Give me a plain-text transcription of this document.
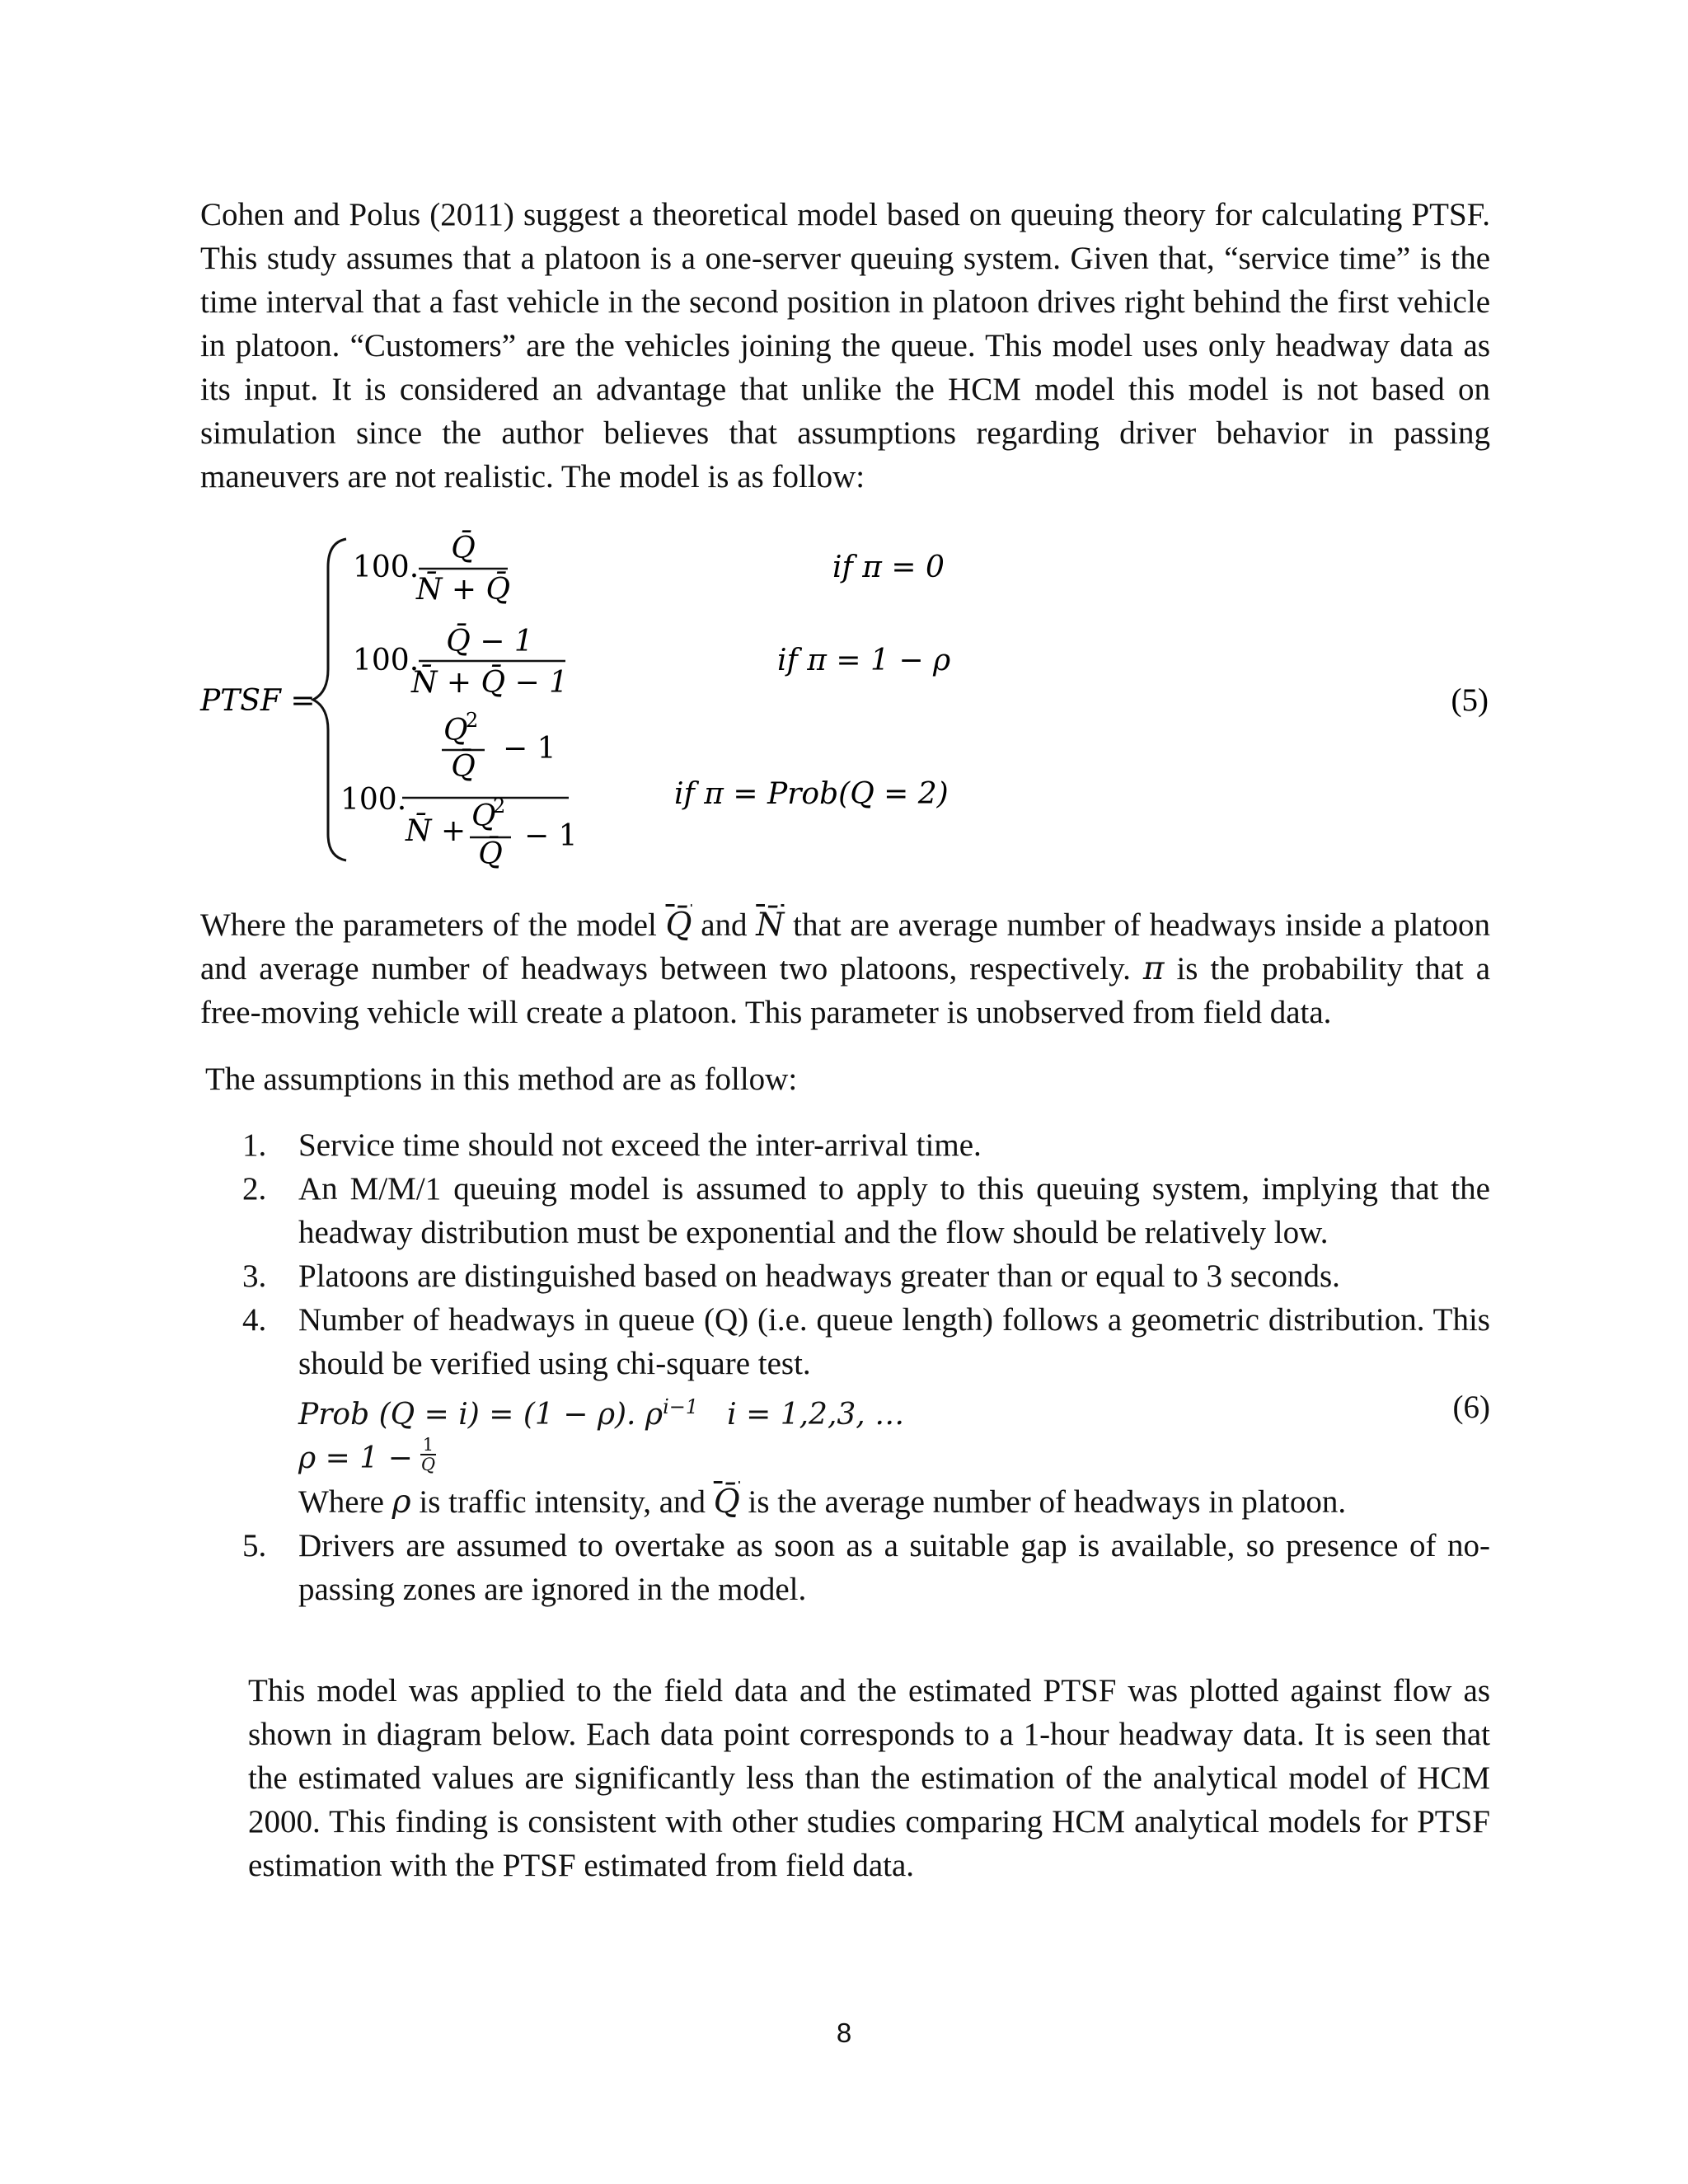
Cohen and Polus (2011) suggest a theoretical model based on queuing theory for calculating PTSF.
This study assumes that a platoon is a one-server queuing system. Given that, “service time” is the
time interval that a fast vehicle in the second position in platoon drives right behind the first vehicle
in platoon. “Customers” are the vehicles joining the queue. This model uses only headway data as
its input. It is considered an advantage that unlike the HCM model this model is not based on
simulation since the author believes that assumptions regarding driver behavior in passing
maneuvers are not realistic. The model is as follow:
PTSF =
100.
Q̄
N̄ + Q̄
if π = 0
100.
Q̄ − 1
N̄ + Q̄ − 1
if π = 1 − ρ
Q
2
Q̄
− 1
100.
N̄ + Q
2
Q̄
− 1
if π = Prob(Q = 2)
(5)
Where the parameters of the model Q̄ and N̄ that are average number of headways inside a platoon
and average number of headways between two platoons, respectively. π is the probability that a
free-moving vehicle will create a platoon. This parameter is unobserved from field data.
The assumptions in this method are as follow:
1. Service time should not exceed the inter-arrival time.
2. An M/M/1 queuing model is assumed to apply to this queuing system, implying that the
headway distribution must be exponential and the flow should be relatively low.
3. Platoons are distinguished based on headways greater than or equal to 3 seconds.
4. Number of headways in queue (Q) (i.e. queue length) follows a geometric distribution. This
should be verified using chi-square test.
Prob (Q = i) = (1 − ρ). $\rho^{i-1}$ i = 1,2,3, …	(6)
$\rho = 1 - \frac{1}{Q̄}$
Where ρ is traffic intensity, and Q̄ is the average number of headways in platoon.
5. Drivers are assumed to overtake as soon as a suitable gap is available, so presence of no-
passing zones are ignored in the model.
This model was applied to the field data and the estimated PTSF was plotted against flow as
shown in diagram below. Each data point corresponds to a 1-hour headway data. It is seen that
the estimated values are significantly less than the estimation of the analytical model of HCM
2000. This finding is consistent with other studies comparing HCM analytical models for PTSF
estimation with the PTSF estimated from field data.
8
